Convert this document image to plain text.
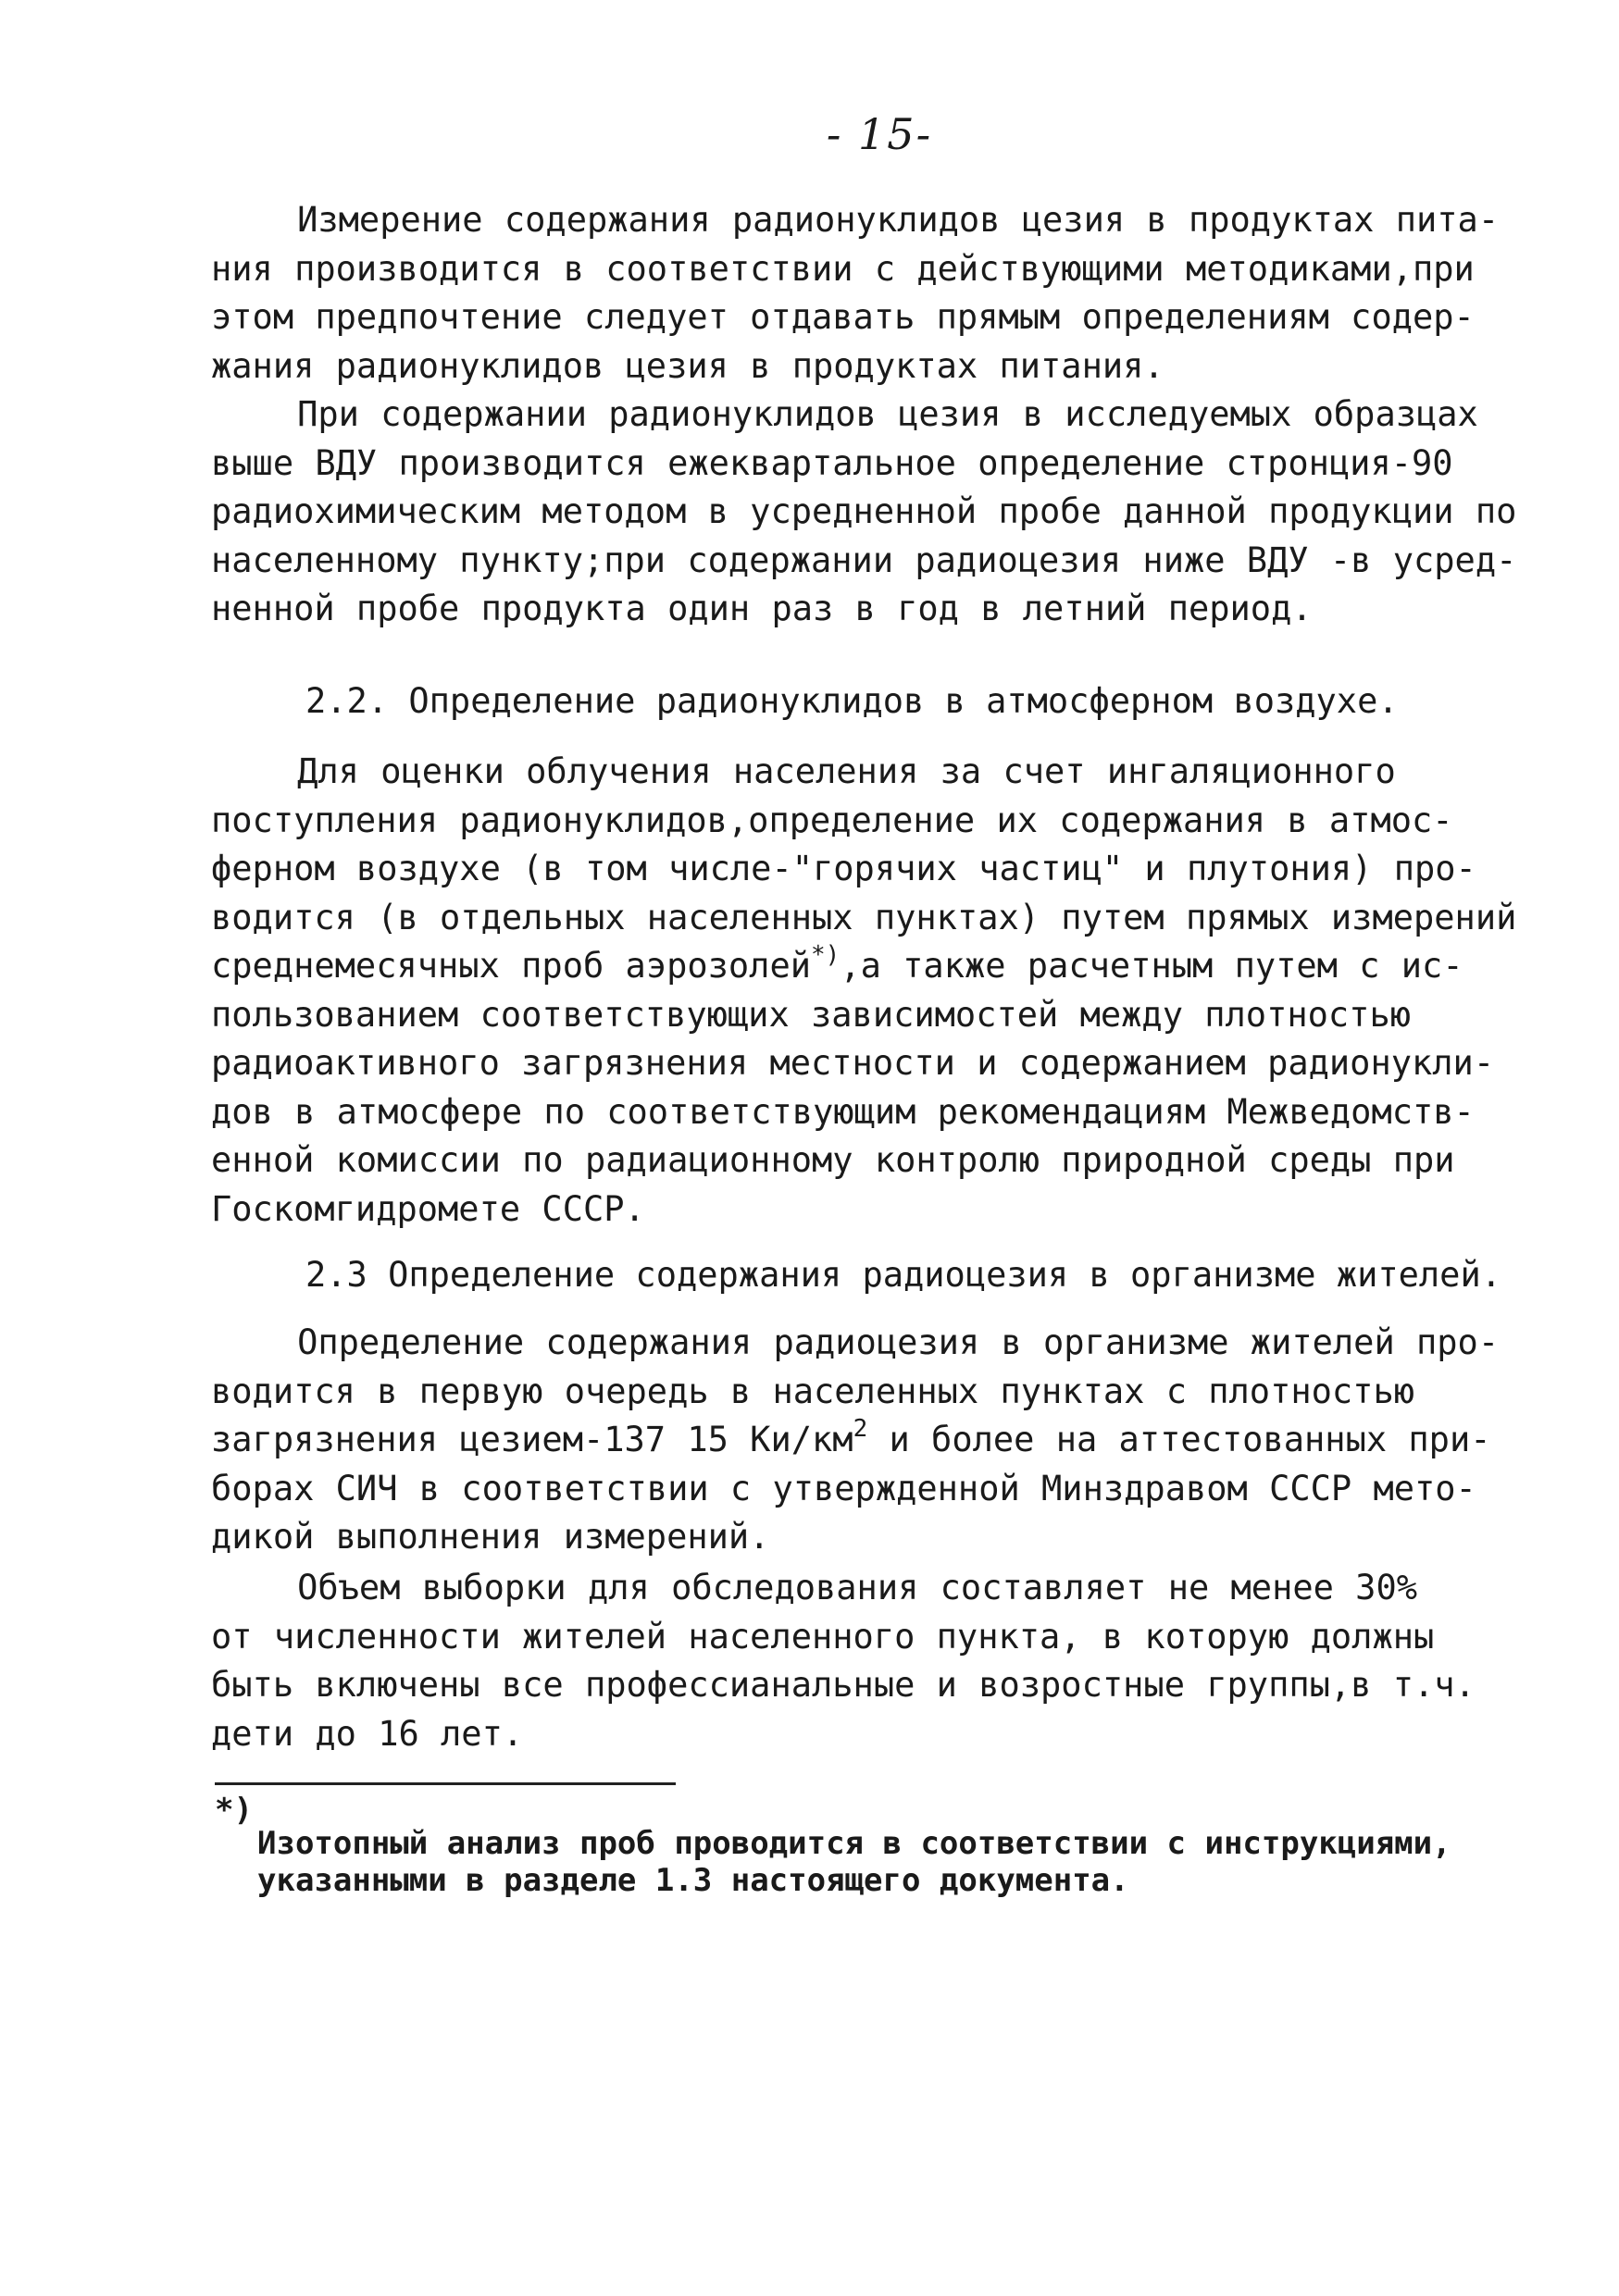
- 15-
Измерение содержания радионуклидов цезия в продуктах пита-
ния производится в соответствии с действующими методиками,при
этом предпочтение следует отдавать прямым определениям содер-
жания радионуклидов цезия в продуктах питания.
При содержании радионуклидов цезия в исследуемых образцах
выше ВДУ производится ежеквартальное определение стронция-90
радиохимическим методом в усредненной пробе данной продукции по
населенному пункту;при содержании радиоцезия ниже ВДУ -в усред-
ненной пробе продукта один раз в год в летний период.
2.2. Определение радионуклидов в атмосферном воздухе.
Для оценки облучения населения за счет ингаляционного
поступления радионуклидов,определение их содержания в атмос-
ферном воздухе (в том числе-"горячих частиц" и плутония) про-
водится (в отдельных населенных пунктах) путем прямых измерений
среднемесячных проб аэрозолей*),а также расчетным путем с ис-
пользованием соответствующих зависимостей между плотностью
радиоактивного загрязнения местности и содержанием радионукли-
дов в атмосфере по соответствующим рекомендациям Межведомств-
енной комиссии по радиационному контролю природной среды при
Госкомгидромете СССР.
2.3 Определение содержания радиоцезия в организме жителей.
Определение содержания радиоцезия в организме жителей про-
водится в первую очередь в населенных пунктах с плотностью
загрязнения цезием-137 15 $Ки/км^2$ и более на аттестованных при-
борах СИЧ в соответствии с утвержденной Минздравом СССР мето-
дикой выполнения измерений.
Объем выборки для обследования составляет не менее 30%
от численности жителей населенного пункта, в которую должны
быть включены все професcианальные и возростные группы,в т.ч.
дети до 16 лет.
*)
Изотопный анализ проб проводится в соответствии с инструкциями,
указанными в разделе 1.3 настоящего документа.
